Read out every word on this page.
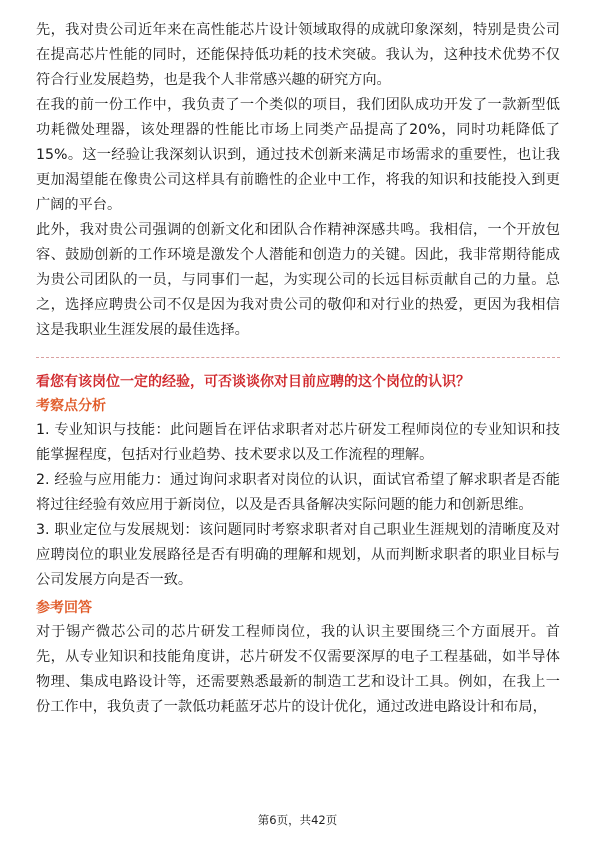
先，我对贵公司近年来在高性能芯片设计领域取得的成就印象深刻，特别是贵公司在提高芯片性能的同时，还能保持低功耗的技术突破。我认为，这种技术优势不仅符合行业发展趋势，也是我个人非常感兴趣的研究方向。

在我的前一份工作中，我负责了一个类似的项目，我们团队成功开发了一款新型低功耗微处理器，该处理器的性能比市场上同类产品提高了20%，同时功耗降低了15%。这一经验让我深刻认识到，通过技术创新来满足市场需求的重要性，也让我更加渴望能在像贵公司这样具有前瞻性的企业中工作，将我的知识和技能投入到更广阔的平台。

此外，我对贵公司强调的创新文化和团队合作精神深感共鸣。我相信，一个开放包容、鼓励创新的工作环境是激发个人潜能和创造力的关键。因此，我非常期待能成为贵公司团队的一员，与同事们一起，为实现公司的长远目标贡献自己的力量。总之，选择应聘贵公司不仅是因为我对贵公司的敬仰和对行业的热爱，更因为我相信这是我职业生涯发展的最佳选择。

看您有该岗位一定的经验，可否谈谈你对目前应聘的这个岗位的认识？

考察点分析

1. 专业知识与技能：此问题旨在评估求职者对芯片研发工程师岗位的专业知识和技能掌握程度，包括对行业趋势、技术要求以及工作流程的理解。

2. 经验与应用能力：通过询问求职者对岗位的认识，面试官希望了解求职者是否能将过往经验有效应用于新岗位，以及是否具备解决实际问题的能力和创新思维。

3. 职业定位与发展规划：该问题同时考察求职者对自己职业生涯规划的清晰度及对应聘岗位的职业发展路径是否有明确的理解和规划，从而判断求职者的职业目标与公司发展方向是否一致。

参考回答

对于锡产微芯公司的芯片研发工程师岗位，我的认识主要围绕三个方面展开。首先，从专业知识和技能角度讲，芯片研发不仅需要深厚的电子工程基础，如半导体物理、集成电路设计等，还需要熟悉最新的制造工艺和设计工具。例如，在我上一份工作中，我负责了一款低功耗蓝牙芯片的设计优化，通过改进电路设计和布局，

第6页，共42页
